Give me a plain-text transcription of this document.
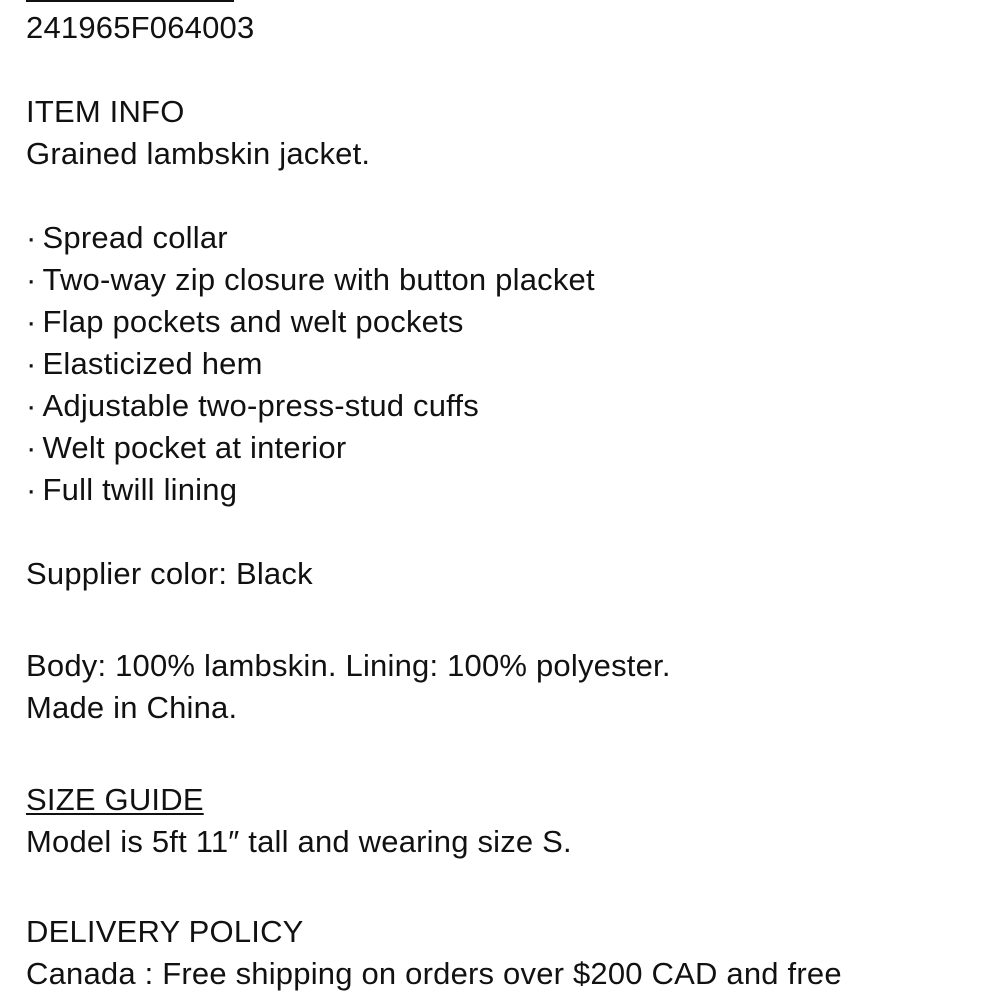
241965F064003
ITEM INFO
Grained lambskin jacket.
· Spread collar
· Two-way zip closure with button placket
· Flap pockets and welt pockets
· Elasticized hem
· Adjustable two-press-stud cuffs
· Welt pocket at interior
· Full twill lining
Supplier color: Black
Body: 100% lambskin. Lining: 100% polyester.
Made in China.
SIZE GUIDE
Model is 5ft 11″ tall and wearing size S.
DELIVERY POLICY
Canada : Free shipping on orders over $200 CAD and free
